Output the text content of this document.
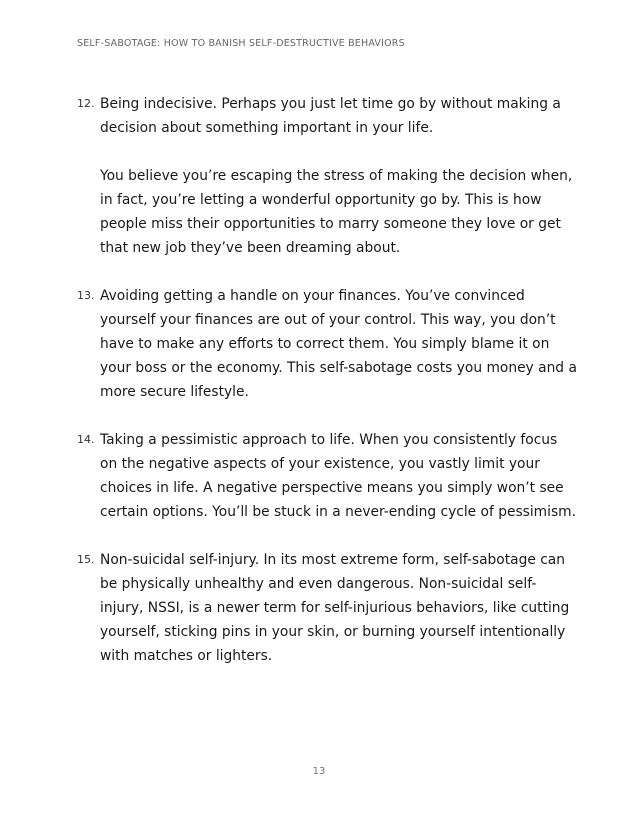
SELF-SABOTAGE: HOW TO BANISH SELF-DESTRUCTIVE BEHAVIORS
12. Being indecisive. Perhaps you just let time go by without making a decision about something important in your life.

You believe you’re escaping the stress of making the decision when, in fact, you’re letting a wonderful opportunity go by. This is how people miss their opportunities to marry someone they love or get that new job they’ve been dreaming about.

13. Avoiding getting a handle on your finances. You’ve convinced yourself your finances are out of your control. This way, you don’t have to make any efforts to correct them. You simply blame it on your boss or the economy. This self-sabotage costs you money and a more secure lifestyle.

14. Taking a pessimistic approach to life. When you consistently focus on the negative aspects of your existence, you vastly limit your choices in life. A negative perspective means you simply won’t see certain options. You’ll be stuck in a never-ending cycle of pessimism.

15. Non-suicidal self-injury. In its most extreme form, self-sabotage can be physically unhealthy and even dangerous. Non-suicidal self-injury, NSSI, is a newer term for self-injurious behaviors, like cutting yourself, sticking pins in your skin, or burning yourself intentionally with matches or lighters.

13
